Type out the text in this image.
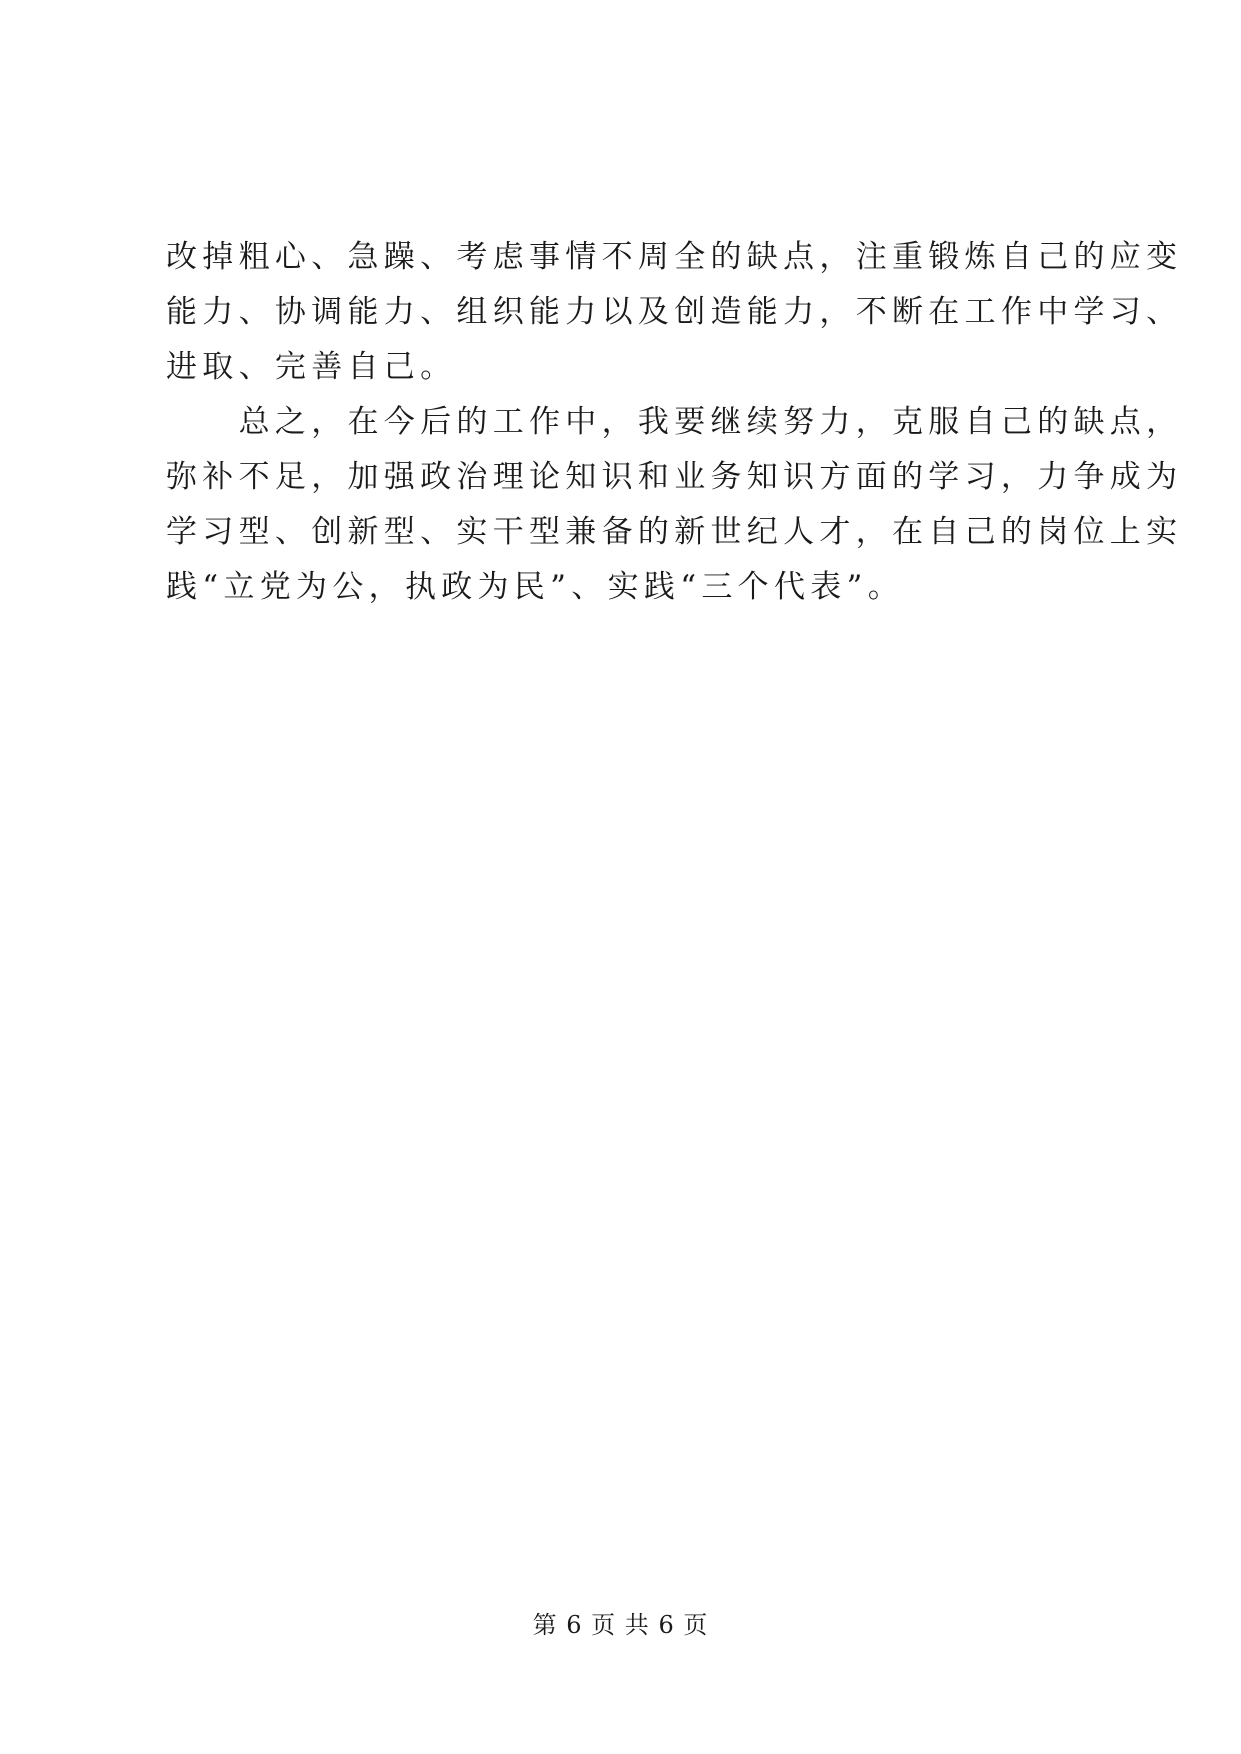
改掉粗心、急躁、考虑事情不周全的缺点，注重锻炼自己的应变
能力、协调能力、组织能力以及创造能力，不断在工作中学习、
进取、完善自己。
　　总之，在今后的工作中，我要继续努力，克服自己的缺点，
弥补不足，加强政治理论知识和业务知识方面的学习，力争成为
学习型、创新型、实干型兼备的新世纪人才，在自己的岗位上实
践“立党为公，执政为民”、实践“三个代表”。
第 6 页 共 6 页
